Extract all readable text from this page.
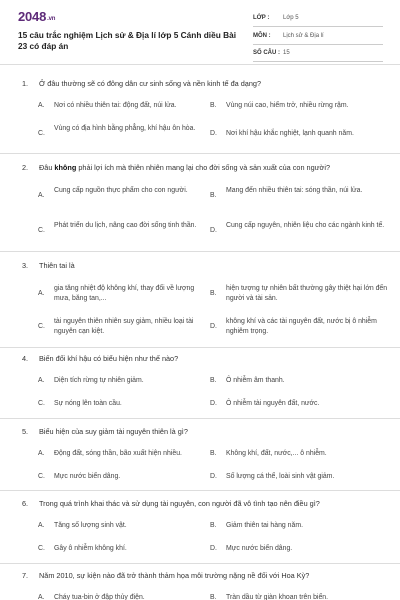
2048.vn
15 câu trắc nghiệm Lịch sử & Địa lí lớp 5 Cánh diều Bài 23 có đáp án
LỚP : Lớp 5
MÔN : Lịch sử & Địa lí
SỐ CÂU : 15
1. Ở đâu thường sẽ có đông dân cư sinh sống và nền kinh tế đa dạng?
A. Nơi có nhiều thiên tai: động đất, núi lửa.	B. Vùng núi cao, hiểm trở, nhiều rừng rậm.
C.
Vùng có địa hình bằng phẳng, khí hậu ôn hòa.
D. Nơi khí hậu khắc nghiệt, lạnh quanh năm.
2. Đâu không phải lợi ích mà thiên nhiên mang lại cho đời sống và sản xuất của con người?
A.
Cung cấp nguồn thực phẩm cho con người.
B.
Mang đến nhiều thiên tai: sóng thần, núi lửa.
C.
Phát triển du lịch, nâng cao đời sống tinh thần.
D.
Cung cấp nguyên, nhiên liệu cho các ngành kinh tế.
3. Thiên tai là
A.
gia tăng nhiệt độ không khí, thay đổi về lượng mưa, băng tan,...
B.
hiện tượng tự nhiên bất thường gây thiệt hại lớn đến người và tài sản.
C.
tài nguyên thiên nhiên suy giảm, nhiều loại tài nguyên cạn kiệt.
D.
không khí và các tài nguyên đất, nước bị ô nhiễm nghiêm trọng.
4. Biến đổi khí hậu có biểu hiện như thế nào?
A. Diện tích rừng tự nhiên giảm.	B. Ô nhiễm âm thanh.
C. Sự nóng lên toàn cầu.	D. Ô nhiễm tài nguyên đất, nước.
5. Biểu hiện của suy giảm tài nguyên thiên là gì?
A. Động đất, sóng thần, bão xuất hiện nhiều.	B. Không khí, đất, nước,... ô nhiễm.
C. Mực nước biển dâng.	D. Số lượng cá thể, loài sinh vật giảm.
6. Trong quá trình khai thác và sử dụng tài nguyên, con người đã vô tình tạo nên điều gì?
A. Tăng số lượng sinh vật.	B. Giảm thiên tai hàng năm.
C. Gây ô nhiễm không khí.	D. Mực nước biển dâng.
7. Năm 2010, sự kiện nào đã trở thành thảm họa môi trường nặng nề đối với Hoa Kỳ?
A. Cháy tua-bin ở đập thủy điện.	B. Tràn dầu từ giàn khoan trên biển.
